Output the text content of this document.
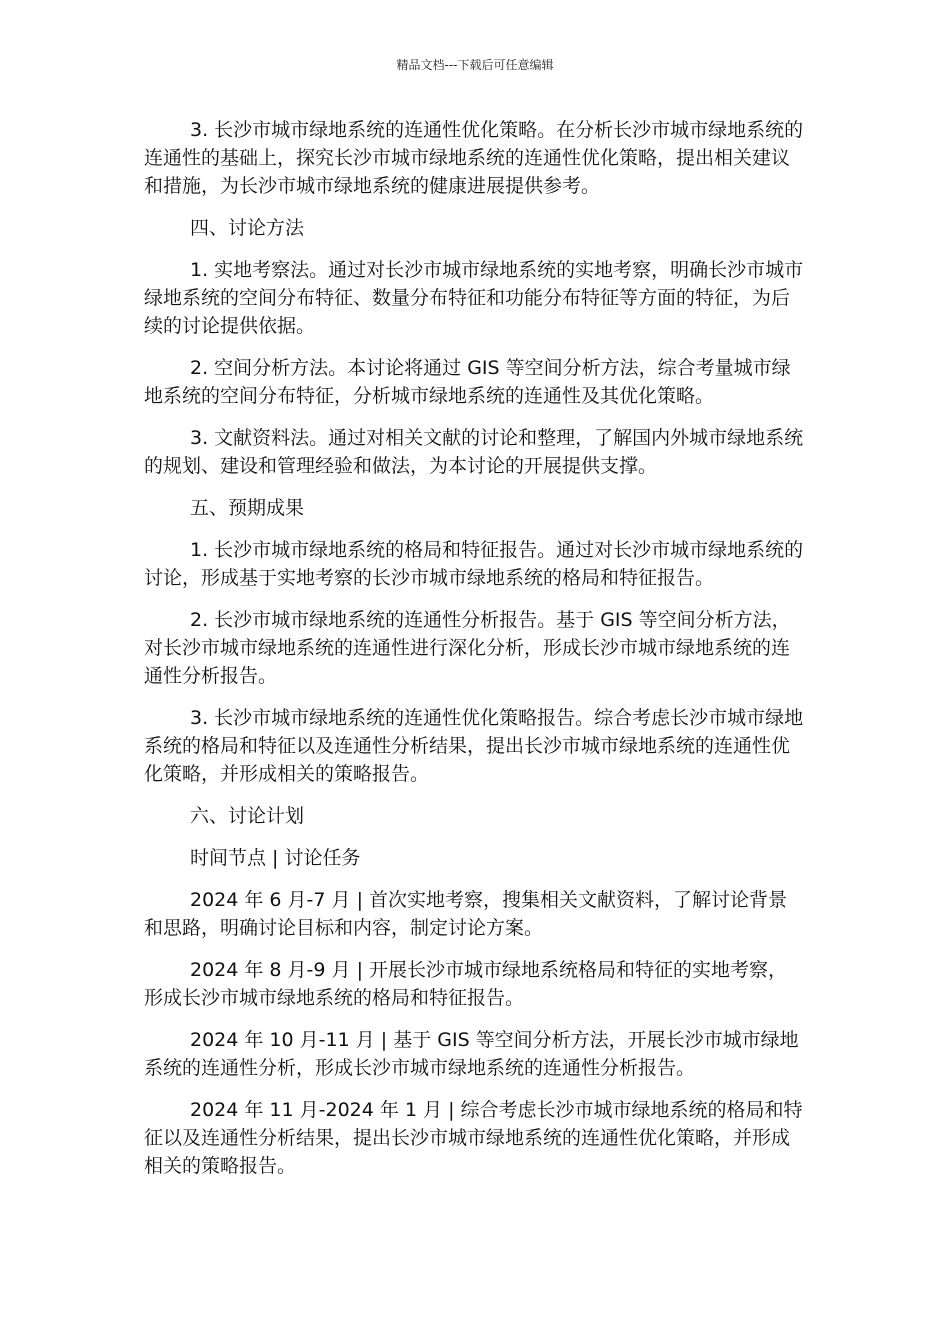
精品文档---下载后可任意编辑

3. 长沙市城市绿地系统的连通性优化策略。在分析长沙市城市绿地系统的连通性的基础上，探究长沙市城市绿地系统的连通性优化策略，提出相关建议和措施，为长沙市城市绿地系统的健康进展提供参考。

四、讨论方法

1. 实地考察法。通过对长沙市城市绿地系统的实地考察，明确长沙市城市绿地系统的空间分布特征、数量分布特征和功能分布特征等方面的特征，为后续的讨论提供依据。

2. 空间分析方法。本讨论将通过 GIS 等空间分析方法，综合考量城市绿地系统的空间分布特征，分析城市绿地系统的连通性及其优化策略。

3. 文献资料法。通过对相关文献的讨论和整理，了解国内外城市绿地系统的规划、建设和管理经验和做法，为本讨论的开展提供支撑。

五、预期成果

1. 长沙市城市绿地系统的格局和特征报告。通过对长沙市城市绿地系统的讨论，形成基于实地考察的长沙市城市绿地系统的格局和特征报告。

2. 长沙市城市绿地系统的连通性分析报告。基于 GIS 等空间分析方法，对长沙市城市绿地系统的连通性进行深化分析，形成长沙市城市绿地系统的连通性分析报告。

3. 长沙市城市绿地系统的连通性优化策略报告。综合考虑长沙市城市绿地系统的格局和特征以及连通性分析结果，提出长沙市城市绿地系统的连通性优化策略，并形成相关的策略报告。

六、讨论计划

时间节点 | 讨论任务

2024 年 6 月-7 月 | 首次实地考察，搜集相关文献资料，了解讨论背景和思路，明确讨论目标和内容，制定讨论方案。

2024 年 8 月-9 月 | 开展长沙市城市绿地系统格局和特征的实地考察，形成长沙市城市绿地系统的格局和特征报告。

2024 年 10 月-11 月 | 基于 GIS 等空间分析方法，开展长沙市城市绿地系统的连通性分析，形成长沙市城市绿地系统的连通性分析报告。

2024 年 11 月-2024 年 1 月 | 综合考虑长沙市城市绿地系统的格局和特征以及连通性分析结果，提出长沙市城市绿地系统的连通性优化策略，并形成相关的策略报告。
